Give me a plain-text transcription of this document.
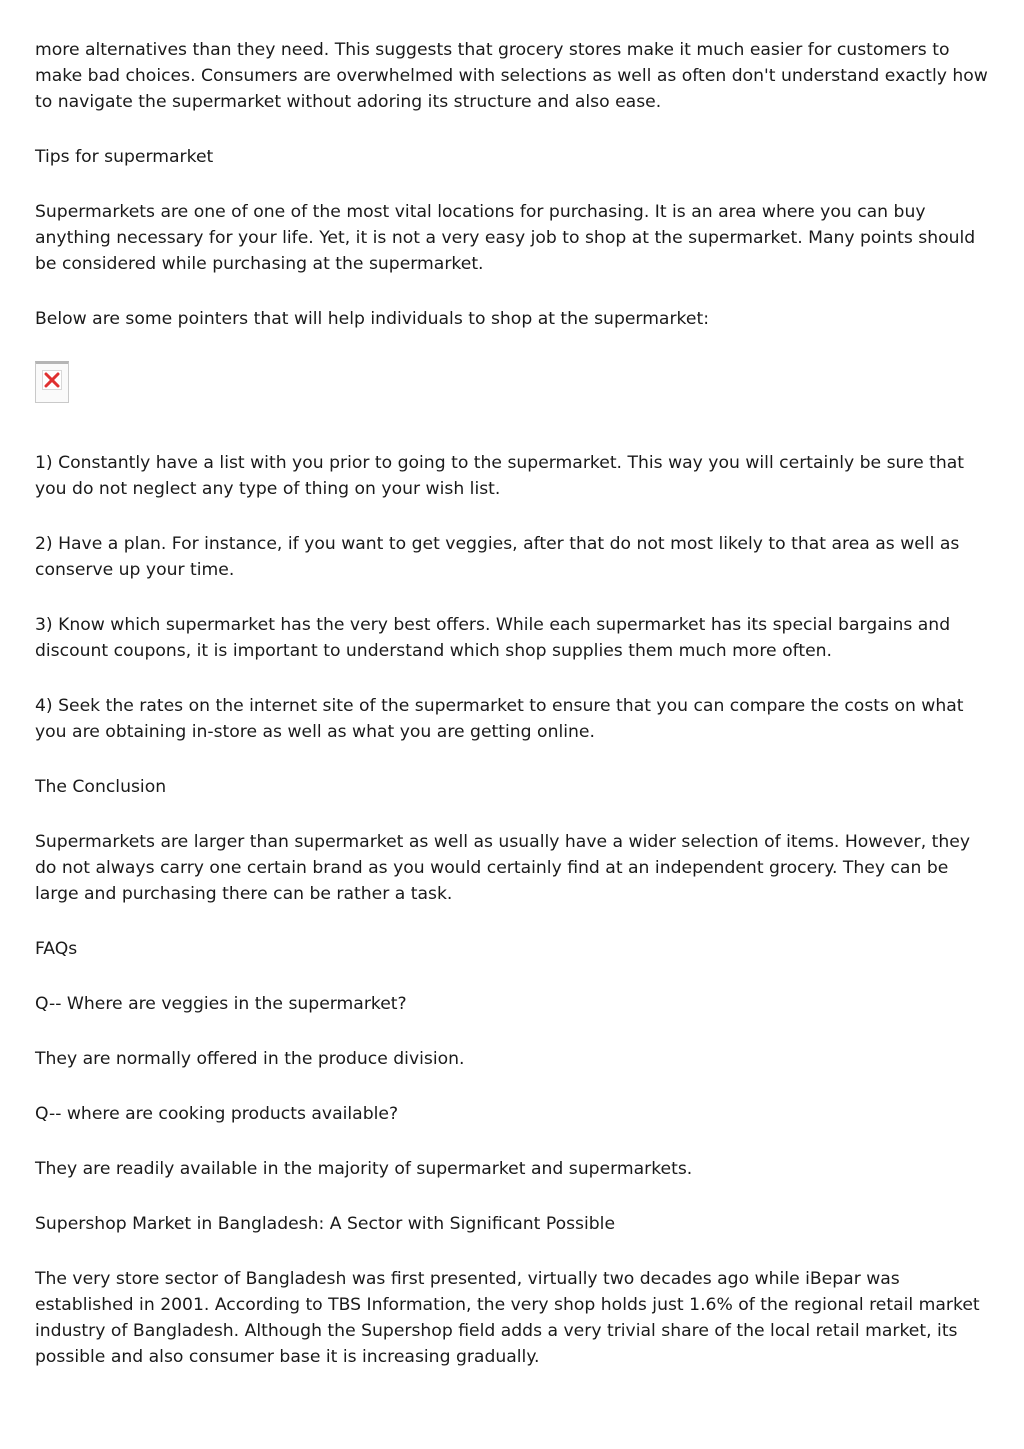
more alternatives than they need. This suggests that grocery stores make it much easier for customers to make bad choices. Consumers are overwhelmed with selections as well as often don't understand exactly how to navigate the supermarket without adoring its structure and also ease.

Tips for supermarket

Supermarkets are one of one of the most vital locations for purchasing. It is an area where you can buy anything necessary for your life. Yet, it is not a very easy job to shop at the supermarket. Many points should be considered while purchasing at the supermarket.

Below are some pointers that will help individuals to shop at the supermarket:

1) Constantly have a list with you prior to going to the supermarket. This way you will certainly be sure that you do not neglect any type of thing on your wish list.

2) Have a plan. For instance, if you want to get veggies, after that do not most likely to that area as well as conserve up your time.

3) Know which supermarket has the very best offers. While each supermarket has its special bargains and discount coupons, it is important to understand which shop supplies them much more often.

4) Seek the rates on the internet site of the supermarket to ensure that you can compare the costs on what you are obtaining in-store as well as what you are getting online.

The Conclusion

Supermarkets are larger than supermarket as well as usually have a wider selection of items. However, they do not always carry one certain brand as you would certainly find at an independent grocery. They can be large and purchasing there can be rather a task.

FAQs

Q-- Where are veggies in the supermarket?

They are normally offered in the produce division.

Q-- where are cooking products available?

They are readily available in the majority of supermarket and supermarkets.

Supershop Market in Bangladesh: A Sector with Significant Possible

The very store sector of Bangladesh was first presented, virtually two decades ago while iBepar was established in 2001. According to TBS Information, the very shop holds just 1.6% of the regional retail market industry of Bangladesh. Although the Supershop field adds a very trivial share of the local retail market, its possible and also consumer base it is increasing gradually.
